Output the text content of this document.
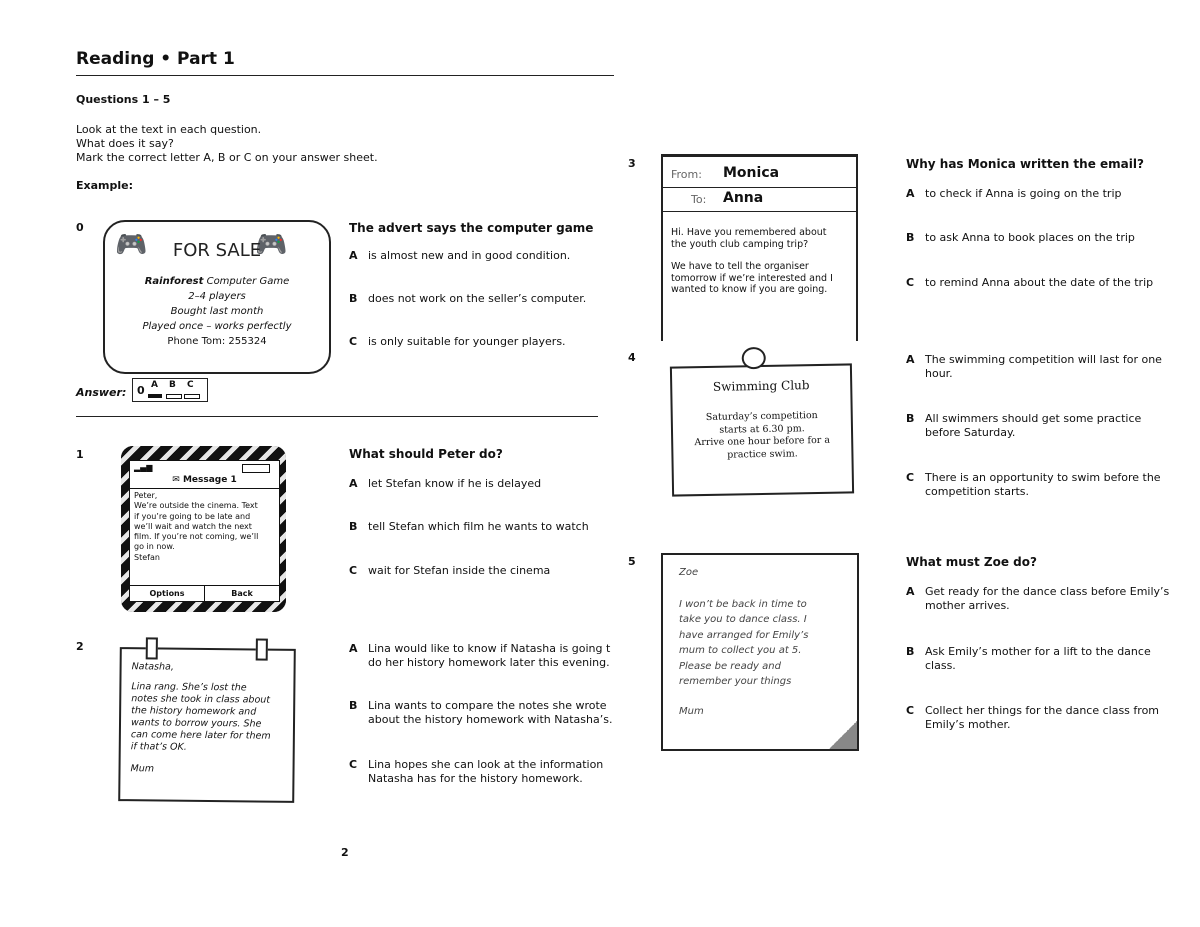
Reading • Part 1
Questions 1 – 5
Look at the text in each question.
What does it say?
Mark the correct letter A, B or C on your answer sheet.
Example:
0
🎮	🎮
FOR SALE
Rainforest Computer Game
2–4 players
Bought last month
Played once – works perfectly
Phone Tom: 255324
The advert says the computer game
A is almost new and in good condition.
B does not work on the seller’s computer.
C is only suitable for younger players.
Answer: 0 A B C
1
▂▄▆
✉ Message 1
Peter,
We’re outside the cinema. Text
if you’re going to be late and
we’ll wait and watch the next
film. If you’re not coming, we’ll
go in now.
Stefan
Options	Back
What should Peter do?
A let Stefan know if he is delayed
B tell Stefan which film he wants to watch
C wait for Stefan inside the cinema
2
Natasha,
Lina rang. She’s lost the
notes she took in class about
the history homework and
wants to borrow yours. She
can come here later for them
if that’s OK.
Mum
A Lina would like to know if Natasha is going t
do her history homework later this evening.
B Lina wants to compare the notes she wrote
about the history homework with Natasha’s.
C Lina hopes she can look at the information
Natasha has for the history homework.
2
3
From: Monica
To: Anna
Hi. Have you remembered about
the youth club camping trip?
We have to tell the organiser
tomorrow if we’re interested and I
wanted to know if you are going.
Why has Monica written the email?
A to check if Anna is going on the trip
B to ask Anna to book places on the trip
C to remind Anna about the date of the trip
4
Swimming Club
Saturday’s competition
starts at 6.30 pm.
Arrive one hour before for a
practice swim.
A The swimming competition will last for one
hour.
B All swimmers should get some practice
before Saturday.
C There is an opportunity to swim before the
competition starts.
5
Zoe
I won’t be back in time to
take you to dance class. I
have arranged for Emily’s
mum to collect you at 5.
Please be ready and
remember your things
Mum
What must Zoe do?
A Get ready for the dance class before Emily’s
mother arrives.
B Ask Emily’s mother for a lift to the dance
class.
C Collect her things for the dance class from
Emily’s mother.
